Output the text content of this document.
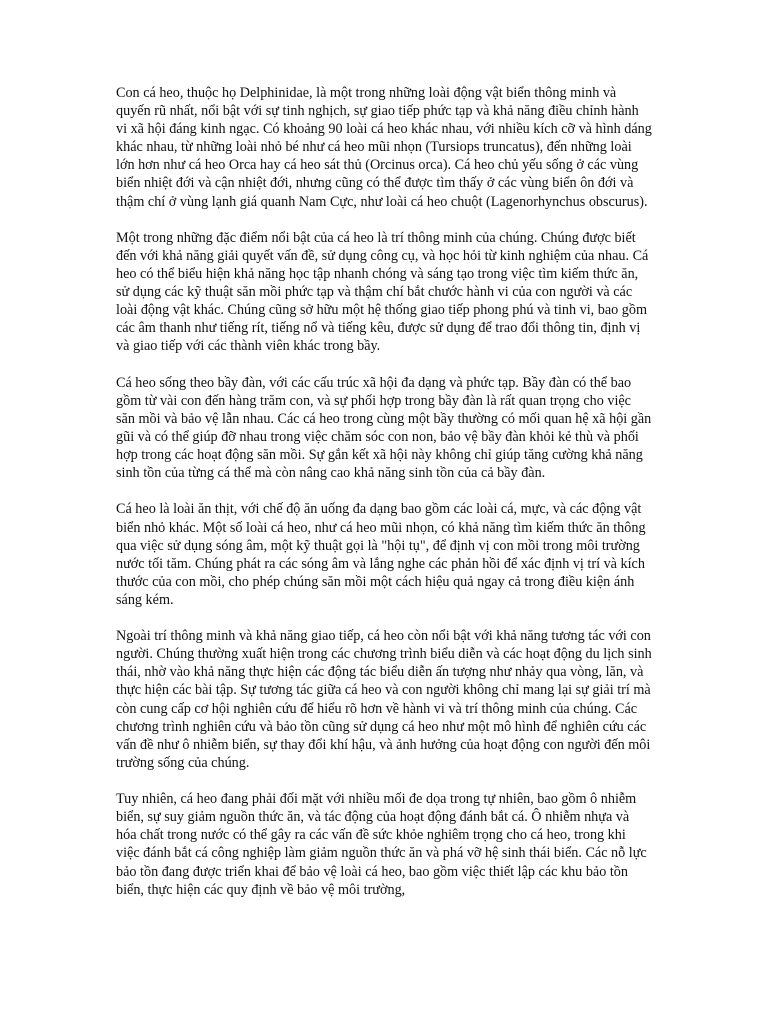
Con cá heo, thuộc họ Delphinidae, là một trong những loài động vật biển thông minh và quyến rũ nhất, nổi bật với sự tinh nghịch, sự giao tiếp phức tạp và khả năng điều chỉnh hành vi xã hội đáng kinh ngạc. Có khoảng 90 loài cá heo khác nhau, với nhiều kích cỡ và hình dáng khác nhau, từ những loài nhỏ bé như cá heo mũi nhọn (Tursiops truncatus), đến những loài lớn hơn như cá heo Orca hay cá heo sát thủ (Orcinus orca). Cá heo chủ yếu sống ở các vùng biển nhiệt đới và cận nhiệt đới, nhưng cũng có thể được tìm thấy ở các vùng biển ôn đới và thậm chí ở vùng lạnh giá quanh Nam Cực, như loài cá heo chuột (Lagenorhynchus obscurus).

Một trong những đặc điểm nổi bật của cá heo là trí thông minh của chúng. Chúng được biết đến với khả năng giải quyết vấn đề, sử dụng công cụ, và học hỏi từ kinh nghiệm của nhau. Cá heo có thể biểu hiện khả năng học tập nhanh chóng và sáng tạo trong việc tìm kiếm thức ăn, sử dụng các kỹ thuật săn mồi phức tạp và thậm chí bắt chước hành vi của con người và các loài động vật khác. Chúng cũng sở hữu một hệ thống giao tiếp phong phú và tinh vi, bao gồm các âm thanh như tiếng rít, tiếng nổ và tiếng kêu, được sử dụng để trao đổi thông tin, định vị và giao tiếp với các thành viên khác trong bầy.

Cá heo sống theo bầy đàn, với các cấu trúc xã hội đa dạng và phức tạp. Bầy đàn có thể bao gồm từ vài con đến hàng trăm con, và sự phối hợp trong bầy đàn là rất quan trọng cho việc săn mồi và bảo vệ lẫn nhau. Các cá heo trong cùng một bầy thường có mối quan hệ xã hội gần gũi và có thể giúp đỡ nhau trong việc chăm sóc con non, bảo vệ bầy đàn khỏi kẻ thù và phối hợp trong các hoạt động săn mồi. Sự gắn kết xã hội này không chỉ giúp tăng cường khả năng sinh tồn của từng cá thể mà còn nâng cao khả năng sinh tồn của cả bầy đàn.

Cá heo là loài ăn thịt, với chế độ ăn uống đa dạng bao gồm các loài cá, mực, và các động vật biển nhỏ khác. Một số loài cá heo, như cá heo mũi nhọn, có khả năng tìm kiếm thức ăn thông qua việc sử dụng sóng âm, một kỹ thuật gọi là "hội tụ", để định vị con mồi trong môi trường nước tối tăm. Chúng phát ra các sóng âm và lắng nghe các phản hồi để xác định vị trí và kích thước của con mồi, cho phép chúng săn mồi một cách hiệu quả ngay cả trong điều kiện ánh sáng kém.

Ngoài trí thông minh và khả năng giao tiếp, cá heo còn nổi bật với khả năng tương tác với con người. Chúng thường xuất hiện trong các chương trình biểu diễn và các hoạt động du lịch sinh thái, nhờ vào khả năng thực hiện các động tác biểu diễn ấn tượng như nhảy qua vòng, lăn, và thực hiện các bài tập. Sự tương tác giữa cá heo và con người không chỉ mang lại sự giải trí mà còn cung cấp cơ hội nghiên cứu để hiểu rõ hơn về hành vi và trí thông minh của chúng. Các chương trình nghiên cứu và bảo tồn cũng sử dụng cá heo như một mô hình để nghiên cứu các vấn đề như ô nhiễm biển, sự thay đổi khí hậu, và ảnh hưởng của hoạt động con người đến môi trường sống của chúng.

Tuy nhiên, cá heo đang phải đối mặt với nhiều mối đe dọa trong tự nhiên, bao gồm ô nhiễm biển, sự suy giảm nguồn thức ăn, và tác động của hoạt động đánh bắt cá. Ô nhiễm nhựa và hóa chất trong nước có thể gây ra các vấn đề sức khỏe nghiêm trọng cho cá heo, trong khi việc đánh bắt cá công nghiệp làm giảm nguồn thức ăn và phá vỡ hệ sinh thái biển. Các nỗ lực bảo tồn đang được triển khai để bảo vệ loài cá heo, bao gồm việc thiết lập các khu bảo tồn biển, thực hiện các quy định về bảo vệ môi trường,
